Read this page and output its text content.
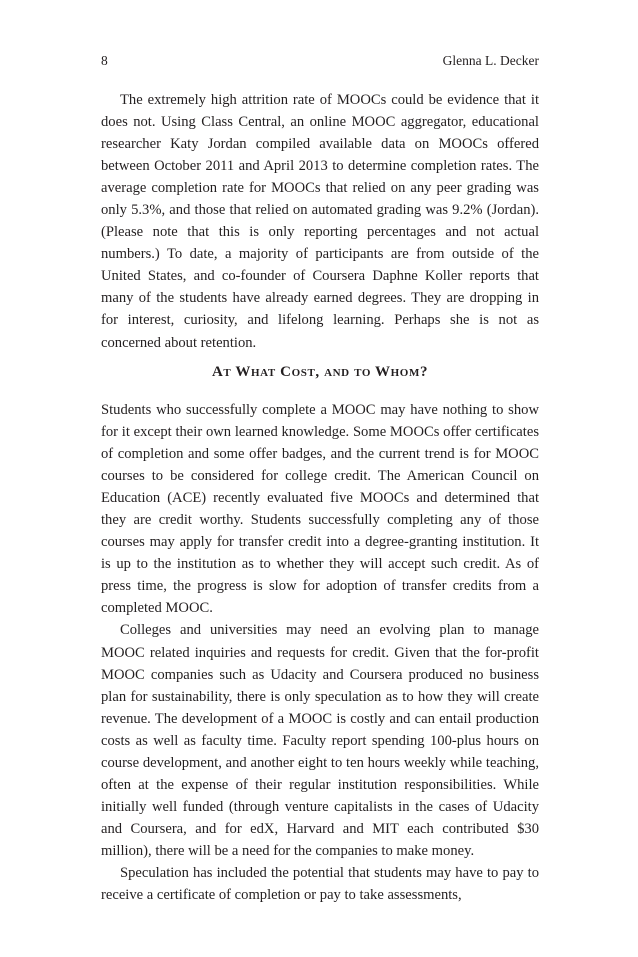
8	Glenna L. Decker

The extremely high attrition rate of MOOCs could be evidence that it does not. Using Class Central, an online MOOC aggregator, educational researcher Katy Jordan compiled available data on MOOCs offered between October 2011 and April 2013 to determine completion rates. The average completion rate for MOOCs that relied on any peer grading was only 5.3%, and those that relied on automated grading was 9.2% (Jordan). (Please note that this is only reporting percentages and not actual numbers.) To date, a majority of participants are from outside of the United States, and co-founder of Coursera Daphne Koller reports that many of the students have already earned degrees. They are dropping in for interest, curiosity, and lifelong learning. Perhaps she is not as concerned about retention.

At What Cost, and to Whom?

Students who successfully complete a MOOC may have nothing to show for it except their own learned knowledge. Some MOOCs offer certificates of completion and some offer badges, and the current trend is for MOOC courses to be considered for college credit. The American Council on Education (ACE) recently evaluated five MOOCs and determined that they are credit worthy. Students successfully completing any of those courses may apply for transfer credit into a degree-granting institution. It is up to the institution as to whether they will accept such credit. As of press time, the progress is slow for adoption of transfer credits from a completed MOOC.

Colleges and universities may need an evolving plan to manage MOOC related inquiries and requests for credit. Given that the for-profit MOOC companies such as Udacity and Coursera produced no business plan for sustainability, there is only speculation as to how they will create revenue. The development of a MOOC is costly and can entail production costs as well as faculty time. Faculty report spending 100-plus hours on course development, and another eight to ten hours weekly while teaching, often at the expense of their regular institution responsibilities. While initially well funded (through venture capitalists in the cases of Udacity and Coursera, and for edX, Harvard and MIT each contributed $30 million), there will be a need for the companies to make money.

Speculation has included the potential that students may have to pay to receive a certificate of completion or pay to take assessments,
